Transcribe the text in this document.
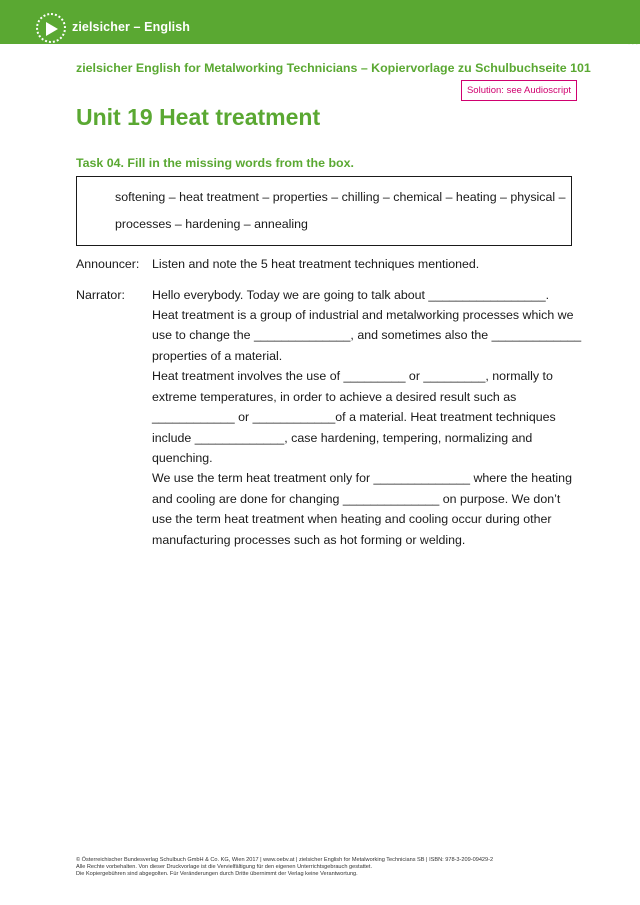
zielsicher – English
zielsicher English for Metalworking Technicians – Kopiervorlage zu Schulbuchseite 101
Solution: see Audioscript
Unit 19 Heat treatment
Task 04. Fill in the missing words from the box.
softening – heat treatment – properties – chilling – chemical – heating – physical –
processes – hardening – annealing
Announcer: Listen and note the 5 heat treatment techniques mentioned.
Narrator: Hello everybody. Today we are going to talk about _________________.
Heat treatment is a group of industrial and metalworking processes which we
use to change the ______________, and sometimes also the _____________
properties of a material.
Heat treatment involves the use of _________ or _________, normally to
extreme temperatures, in order to achieve a desired result such as
____________ or ____________of a material. Heat treatment techniques
include _____________, case hardening, tempering, normalizing and
quenching.
We use the term heat treatment only for ______________ where the heating
and cooling are done for changing ______________ on purpose. We don’t
use the term heat treatment when heating and cooling occur during other
manufacturing processes such as hot forming or welding.
© Österreichischer Bundesverlag Schulbuch GmbH & Co. KG, Wien 2017 | www.oebv.at | zielsicher English for Metalworking Technicians SB | ISBN: 978-3-209-09429-2
Alle Rechte vorbehalten. Von dieser Druckvorlage ist die Vervielfältigung für den eigenen Unterrichtsgebrauch gestattet.
Die Kopiergebühren sind abgegolten. Für Veränderungen durch Dritte übernimmt der Verlag keine Verantwortung.
